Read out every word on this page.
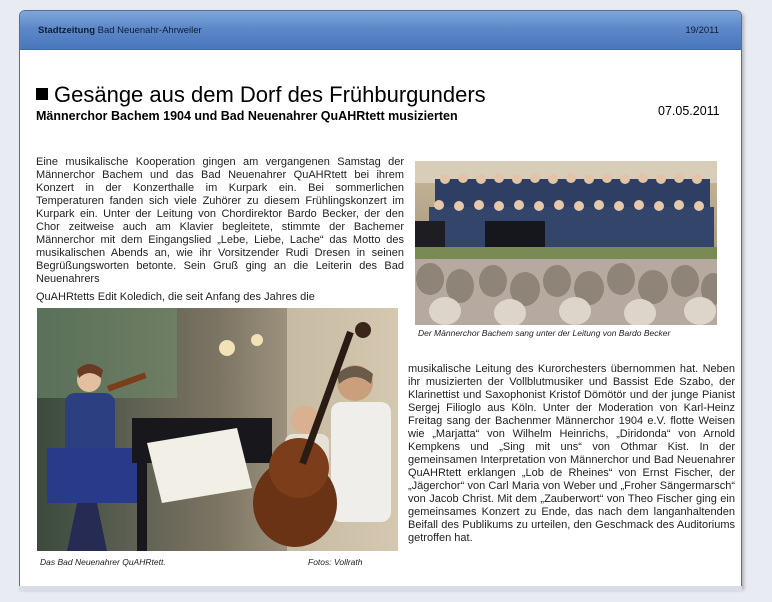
Stadtzeitung Bad Neuenahr-Ahrweiler	19/2011
Gesänge aus dem Dorf des Frühburgunders
Männerchor Bachem 1904 und Bad Neuenahrer QuAHRtett musizierten	07.05.2011
Eine musikalische Kooperation gingen am vergangenen Samstag der Männerchor Bachem und das Bad Neuenahrer QuAHRtett bei ihrem Konzert in der Konzerthalle im Kurpark ein. Bei sommerlichen Temperaturen fanden sich viele Zuhörer zu diesem Frühlingskonzert im Kurpark ein. Unter der Leitung von Chordirektor Bardo Becker, der den Chor zeitweise auch am Klavier begleitete, stimmte der Bachemer Männerchor mit dem Eingangslied „Lebe, Liebe, Lache“ das Motto des musikalischen Abends an, wie ihr Vorsitzender Rudi Dresen in seinen Begrüßungsworten betonte. Sein Gruß ging an die Leiterin des Bad Neuenahrers
QuAHRtetts Edit Koledich, die seit Anfang des Jahres die
Der Männerchor Bachem sang unter der Leitung von Bardo Becker
Das Bad Neuenahrer QuAHRtett.	Fotos: Vollrath
musikalische Leitung des Kurorchesters übernommen hat. Neben ihr musizierten der Vollblutmusiker und Bassist Ede Szabo, der Klarinettist und Saxophonist Kristof Dömötör und der junge Pianist Sergej Filioglo aus Köln. Unter der Moderation von Karl-Heinz Freitag sang der Bachenmer Männerchor 1904 e.V. flotte Weisen wie „Marjatta“ von Wilhelm Heinrichs, „Diridonda“ von Arnold Kempkens und „Sing mit uns“ von Othmar Kist. In der gemeinsamen Interpretation von Männerchor und Bad Neuenahrer QuAHRtett erklangen „Lob de Rheines“ von Ernst Fischer, der „Jägerchor“ von Carl Maria von Weber und „Froher Sängermarsch“ von Jacob Christ. Mit dem „Zauberwort“ von Theo Fischer ging ein gemeinsames Konzert zu Ende, das nach dem langanhaltenden Beifall des Publikums zu urteilen, den Geschmack des Auditoriums getroffen hat.
